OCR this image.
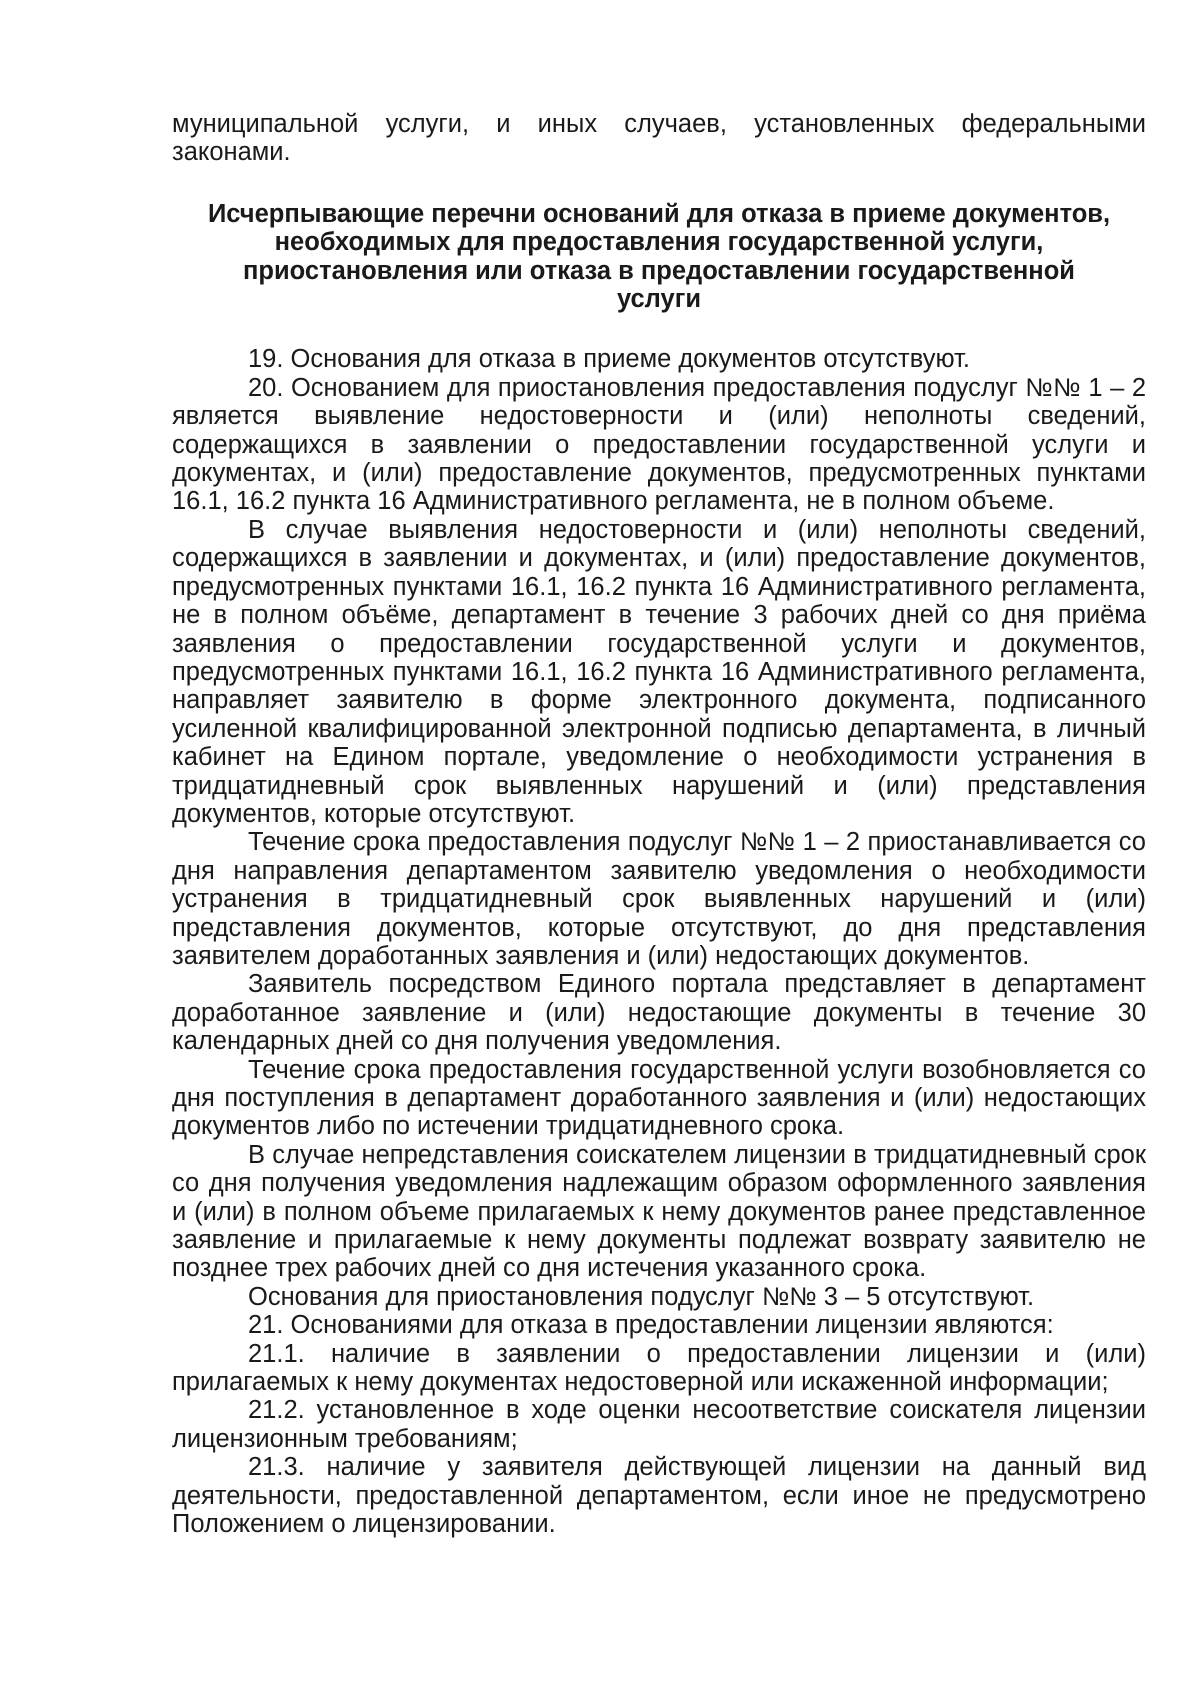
муниципальной услуги, и иных случаев, установленных федеральными законами.

Исчерпывающие перечни оснований для отказа в приеме документов, необходимых для предоставления государственной услуги, приостановления или отказа в предоставлении государственной услуги

19. Основания для отказа в приеме документов отсутствуют.

20. Основанием для приостановления предоставления подуслуг №№ 1 – 2 является выявление недостоверности и (или) неполноты сведений, содержащихся в заявлении о предоставлении государственной услуги и документах, и (или) предоставление документов, предусмотренных пунктами 16.1, 16.2 пункта 16 Административного регламента, не в полном объеме.

В случае выявления недостоверности и (или) неполноты сведений, содержащихся в заявлении и документах, и (или) предоставление документов, предусмотренных пунктами 16.1, 16.2 пункта 16 Административного регламента, не в полном объёме, департамент в течение 3 рабочих дней со дня приёма заявления о предоставлении государственной услуги и документов, предусмотренных пунктами 16.1, 16.2 пункта 16 Административного регламента, направляет заявителю в форме электронного документа, подписанного усиленной квалифицированной электронной подписью департамента, в личный кабинет на Едином портале, уведомление о необходимости устранения в тридцатидневный срок выявленных нарушений и (или) представления документов, которые отсутствуют.

Течение срока предоставления подуслуг №№ 1 – 2 приостанавливается со дня направления департаментом заявителю уведомления о необходимости устранения в тридцатидневный срок выявленных нарушений и (или) представления документов, которые отсутствуют, до дня представления заявителем доработанных заявления и (или) недостающих документов.

Заявитель посредством Единого портала представляет в департамент доработанное заявление и (или) недостающие документы в течение 30 календарных дней со дня получения уведомления.

Течение срока предоставления государственной услуги возобновляется со дня поступления в департамент доработанного заявления и (или) недостающих документов либо по истечении тридцатидневного срока.

В случае непредставления соискателем лицензии в тридцатидневный срок со дня получения уведомления надлежащим образом оформленного заявления и (или) в полном объеме прилагаемых к нему документов ранее представленное заявление и прилагаемые к нему документы подлежат возврату заявителю не позднее трех рабочих дней со дня истечения указанного срока.

Основания для приостановления подуслуг №№ 3 – 5 отсутствуют.

21. Основаниями для отказа в предоставлении лицензии являются:

21.1. наличие в заявлении о предоставлении лицензии и (или) прилагаемых к нему документах недостоверной или искаженной информации;

21.2. установленное в ходе оценки несоответствие соискателя лицензии лицензионным требованиям;

21.3. наличие у заявителя действующей лицензии на данный вид деятельности, предоставленной департаментом, если иное не предусмотрено Положением о лицензировании.
